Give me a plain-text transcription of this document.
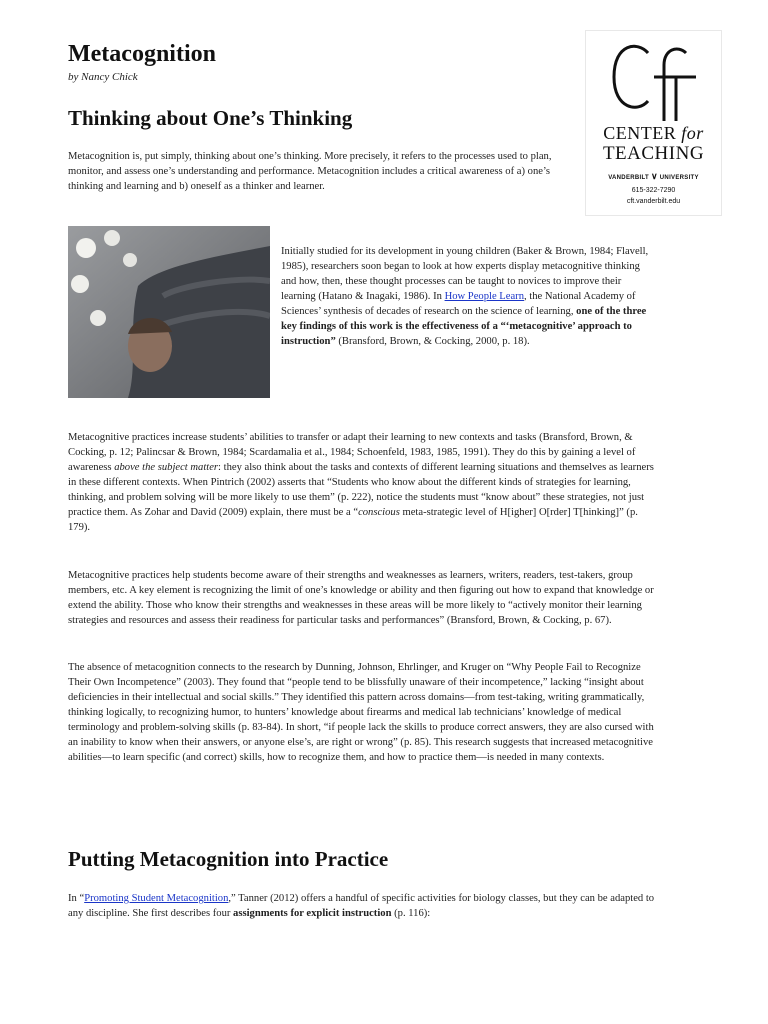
Metacognition
by Nancy Chick
CENTER for
TEACHING
VANDERBILT ∨ UNIVERSITY
615-322-7290
cft.vanderbilt.edu
Thinking about One’s Thinking

Metacognition is, put simply, thinking about one’s thinking. More precisely, it refers to the processes used to plan, monitor, and assess one’s understanding and performance. Metacognition includes a critical awareness of a) one’s thinking and learning and b) oneself as a thinker and learner.

Initially studied for its development in young children (Baker & Brown, 1984; Flavell, 1985), researchers soon began to look at how experts display metacognitive thinking and how, then, these thought processes can be taught to novices to improve their learning (Hatano & Inagaki, 1986). In How People Learn, the National Academy of Sciences’ synthesis of decades of research on the science of learning, one of the three key findings of this work is the effectiveness of a “‘metacognitive’ approach to instruction” (Bransford, Brown, & Cocking, 2000, p. 18).

Metacognitive practices increase students’ abilities to transfer or adapt their learning to new contexts and tasks (Bransford, Brown, & Cocking, p. 12; Palincsar & Brown, 1984; Scardamalia et al., 1984; Schoenfeld, 1983, 1985, 1991). They do this by gaining a level of awareness above the subject matter: they also think about the tasks and contexts of different learning situations and themselves as learners in these different contexts. When Pintrich (2002) asserts that “Students who know about the different kinds of strategies for learning, thinking, and problem solving will be more likely to use them” (p. 222), notice the students must “know about” these strategies, not just practice them. As Zohar and David (2009) explain, there must be a “conscious meta-strategic level of H[igher] O[rder] T[hinking]” (p. 179).

Metacognitive practices help students become aware of their strengths and weaknesses as learners, writers, readers, test-takers, group members, etc. A key element is recognizing the limit of one’s knowledge or ability and then figuring out how to expand that knowledge or extend the ability. Those who know their strengths and weaknesses in these areas will be more likely to “actively monitor their learning strategies and resources and assess their readiness for particular tasks and performances” (Bransford, Brown, & Cocking, p. 67).

The absence of metacognition connects to the research by Dunning, Johnson, Ehrlinger, and Kruger on “Why People Fail to Recognize Their Own Incompetence” (2003). They found that “people tend to be blissfully unaware of their incompetence,” lacking “insight about deficiencies in their intellectual and social skills.” They identified this pattern across domains—from test-taking, writing grammatically, thinking logically, to recognizing humor, to hunters’ knowledge about firearms and medical lab technicians’ knowledge of medical terminology and problem-solving skills (p. 83-84). In short, “if people lack the skills to produce correct answers, they are also cursed with an inability to know when their answers, or anyone else’s, are right or wrong” (p. 85). This research suggests that increased metacognitive abilities—to learn specific (and correct) skills, how to recognize them, and how to practice them—is needed in many contexts.

Putting Metacognition into Practice

In “Promoting Student Metacognition,” Tanner (2012) offers a handful of specific activities for biology classes, but they can be adapted to any discipline. She first describes four assignments for explicit instruction (p. 116):
